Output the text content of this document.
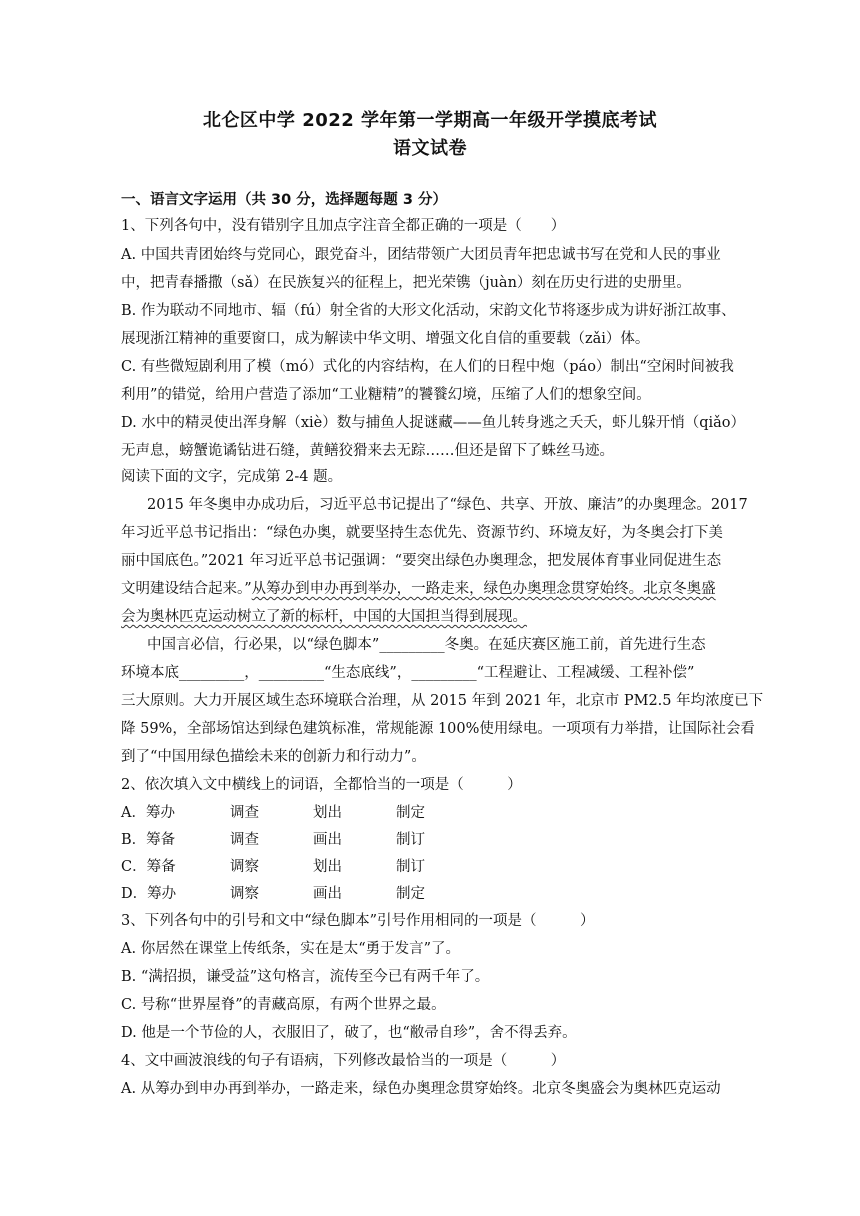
北仑区中学 2022 学年第一学期高一年级开学摸底考试
语文试卷
一、语言文字运用（共 30 分，选择题每题 3 分）
1、下列各句中，没有错别字且加点字注音全都正确的一项是（　　）
A. 中国共青团始终与党同心，跟党奋斗，团结带领广大团员青年把忠诚书写在党和人民的事业
中，把青春播撒（sǎ）在民族复兴的征程上，把光荣镌（juàn）刻在历史行进的史册里。
B. 作为联动不同地市、辐（fú）射全省的大形文化活动，宋韵文化节将逐步成为讲好浙江故事、
展现浙江精神的重要窗口，成为解读中华文明、增强文化自信的重要载（zǎi）体。
C. 有些微短剧利用了模（mó）式化的内容结构，在人们的日程中炮（páo）制出“空闲时间被我
利用”的错觉，给用户营造了添加“工业糖精”的饕餮幻境，压缩了人们的想象空间。
D. 水中的精灵使出浑身解（xiè）数与捕鱼人捉谜藏——鱼儿转身逃之夭夭，虾儿躲开悄（qiǎo）
无声息，螃蟹诡谲钻进石缝，黄鳝狡猾来去无踪……但还是留下了蛛丝马迹。
阅读下面的文字，完成第 2-4 题。
2015 年冬奥申办成功后，习近平总书记提出了“绿色、共享、开放、廉洁”的办奥理念。2017
年习近平总书记指出：“绿色办奥，就要坚持生态优先、资源节约、环境友好，为冬奥会打下美
丽中国底色。”2021 年习近平总书记强调：“要突出绿色办奥理念，把发展体育事业同促进生态
文明建设结合起来。”从筹办到申办再到举办，一路走来，绿色办奥理念贯穿始终。北京冬奥盛
会为奥林匹克运动树立了新的标杆，中国的大国担当得到展现。
中国言必信，行必果，以“绿色脚本”_________冬奥。在延庆赛区施工前，首先进行生态
环境本底_________，_________“生态底线”，_________“工程避让、工程减缓、工程补偿”
三大原则。大力开展区域生态环境联合治理，从 2015 年到 2021 年，北京市 PM2.5 年均浓度已下
降 59%，全部场馆达到绿色建筑标准，常规能源 100%使用绿电。一项项有力举措，让国际社会看
到了“中国用绿色描绘未来的创新力和行动力”。
2、依次填入文中横线上的词语，全都恰当的一项是（　　　）
A．筹办	调查	划出	制定
B．筹备	调查	画出	制订
C．筹备	调察	划出	制订
D．筹办	调察	画出	制定
3、下列各句中的引号和文中“绿色脚本”引号作用相同的一项是（　　　）
A. 你居然在课堂上传纸条，实在是太“勇于发言”了。
B. “满招损，谦受益”这句格言，流传至今已有两千年了。
C. 号称“世界屋脊”的青藏高原，有两个世界之最。
D. 他是一个节俭的人，衣服旧了，破了，也“敝帚自珍”，舍不得丢弃。
4、文中画波浪线的句子有语病，下列修改最恰当的一项是（　　　）
A. 从筹办到申办再到举办，一路走来，绿色办奥理念贯穿始终。北京冬奥盛会为奥林匹克运动
